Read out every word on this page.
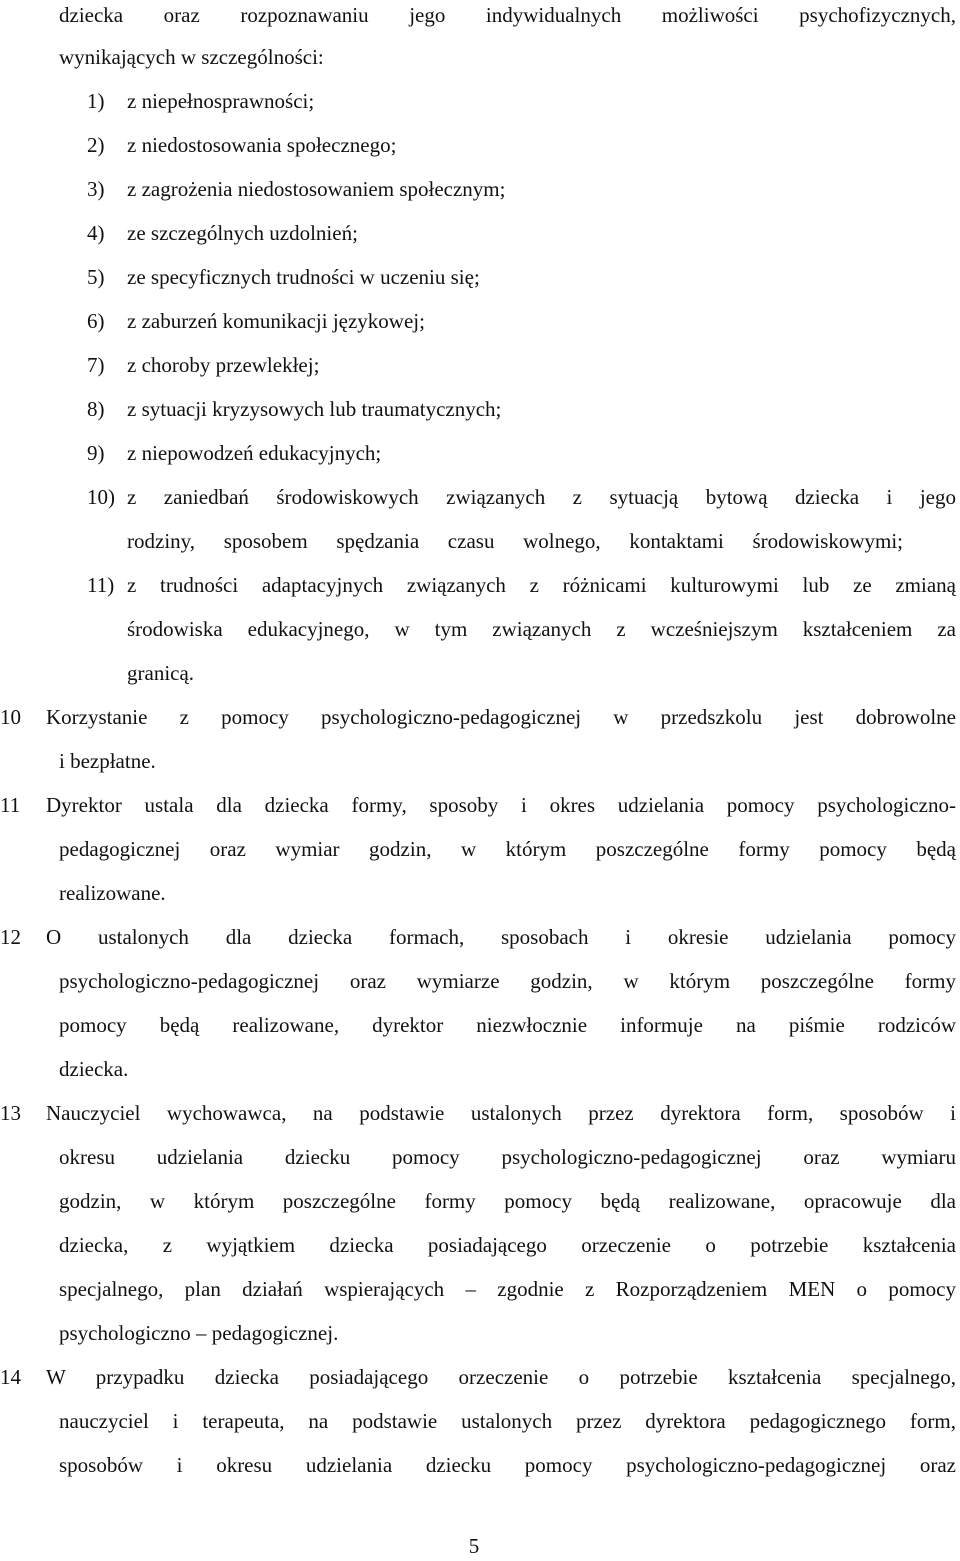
dziecka oraz rozpoznawaniu jego indywidualnych możliwości psychofizycznych,
wynikających w szczególności:
1) z niepełnosprawności;
2) z niedostosowania społecznego;
3) z zagrożenia niedostosowaniem społecznym;
4) ze szczególnych uzdolnień;
5) ze specyficznych trudności w uczeniu się;
6) z zaburzeń komunikacji językowej;
7) z choroby przewlekłej;
8) z sytuacji kryzysowych lub traumatycznych;
9) z niepowodzeń edukacyjnych;
10) z zaniedbań środowiskowych związanych z sytuacją bytową dziecka i jego
rodziny, sposobem spędzania czasu wolnego, kontaktami środowiskowymi;
11) z trudności adaptacyjnych związanych z różnicami kulturowymi lub ze zmianą
środowiska edukacyjnego, w tym związanych z wcześniejszym kształceniem za
granicą.
10	Korzystanie z pomocy psychologiczno-pedagogicznej w przedszkolu jest dobrowolne
i bezpłatne.
11	Dyrektor ustala dla dziecka formy, sposoby i okres udzielania pomocy psychologiczno-
pedagogicznej oraz wymiar godzin, w którym poszczególne formy pomocy będą
realizowane.
12	O ustalonych dla dziecka formach, sposobach i okresie udzielania pomocy
psychologiczno-pedagogicznej oraz wymiarze godzin, w którym poszczególne formy
pomocy będą realizowane, dyrektor niezwłocznie informuje na piśmie rodziców
dziecka.
13	Nauczyciel wychowawca, na podstawie ustalonych przez dyrektora form, sposobów i
okresu udzielania dziecku pomocy psychologiczno-pedagogicznej oraz wymiaru
godzin, w którym poszczególne formy pomocy będą realizowane, opracowuje dla
dziecka, z wyjątkiem dziecka posiadającego orzeczenie o potrzebie kształcenia
specjalnego, plan działań wspierających – zgodnie z Rozporządzeniem MEN o pomocy
psychologiczno – pedagogicznej.
14	W przypadku dziecka posiadającego orzeczenie o potrzebie kształcenia specjalnego,
nauczyciel i terapeuta, na podstawie ustalonych przez dyrektora pedagogicznego form,
sposobów i okresu udzielania dziecku pomocy psychologiczno-pedagogicznej oraz
5
